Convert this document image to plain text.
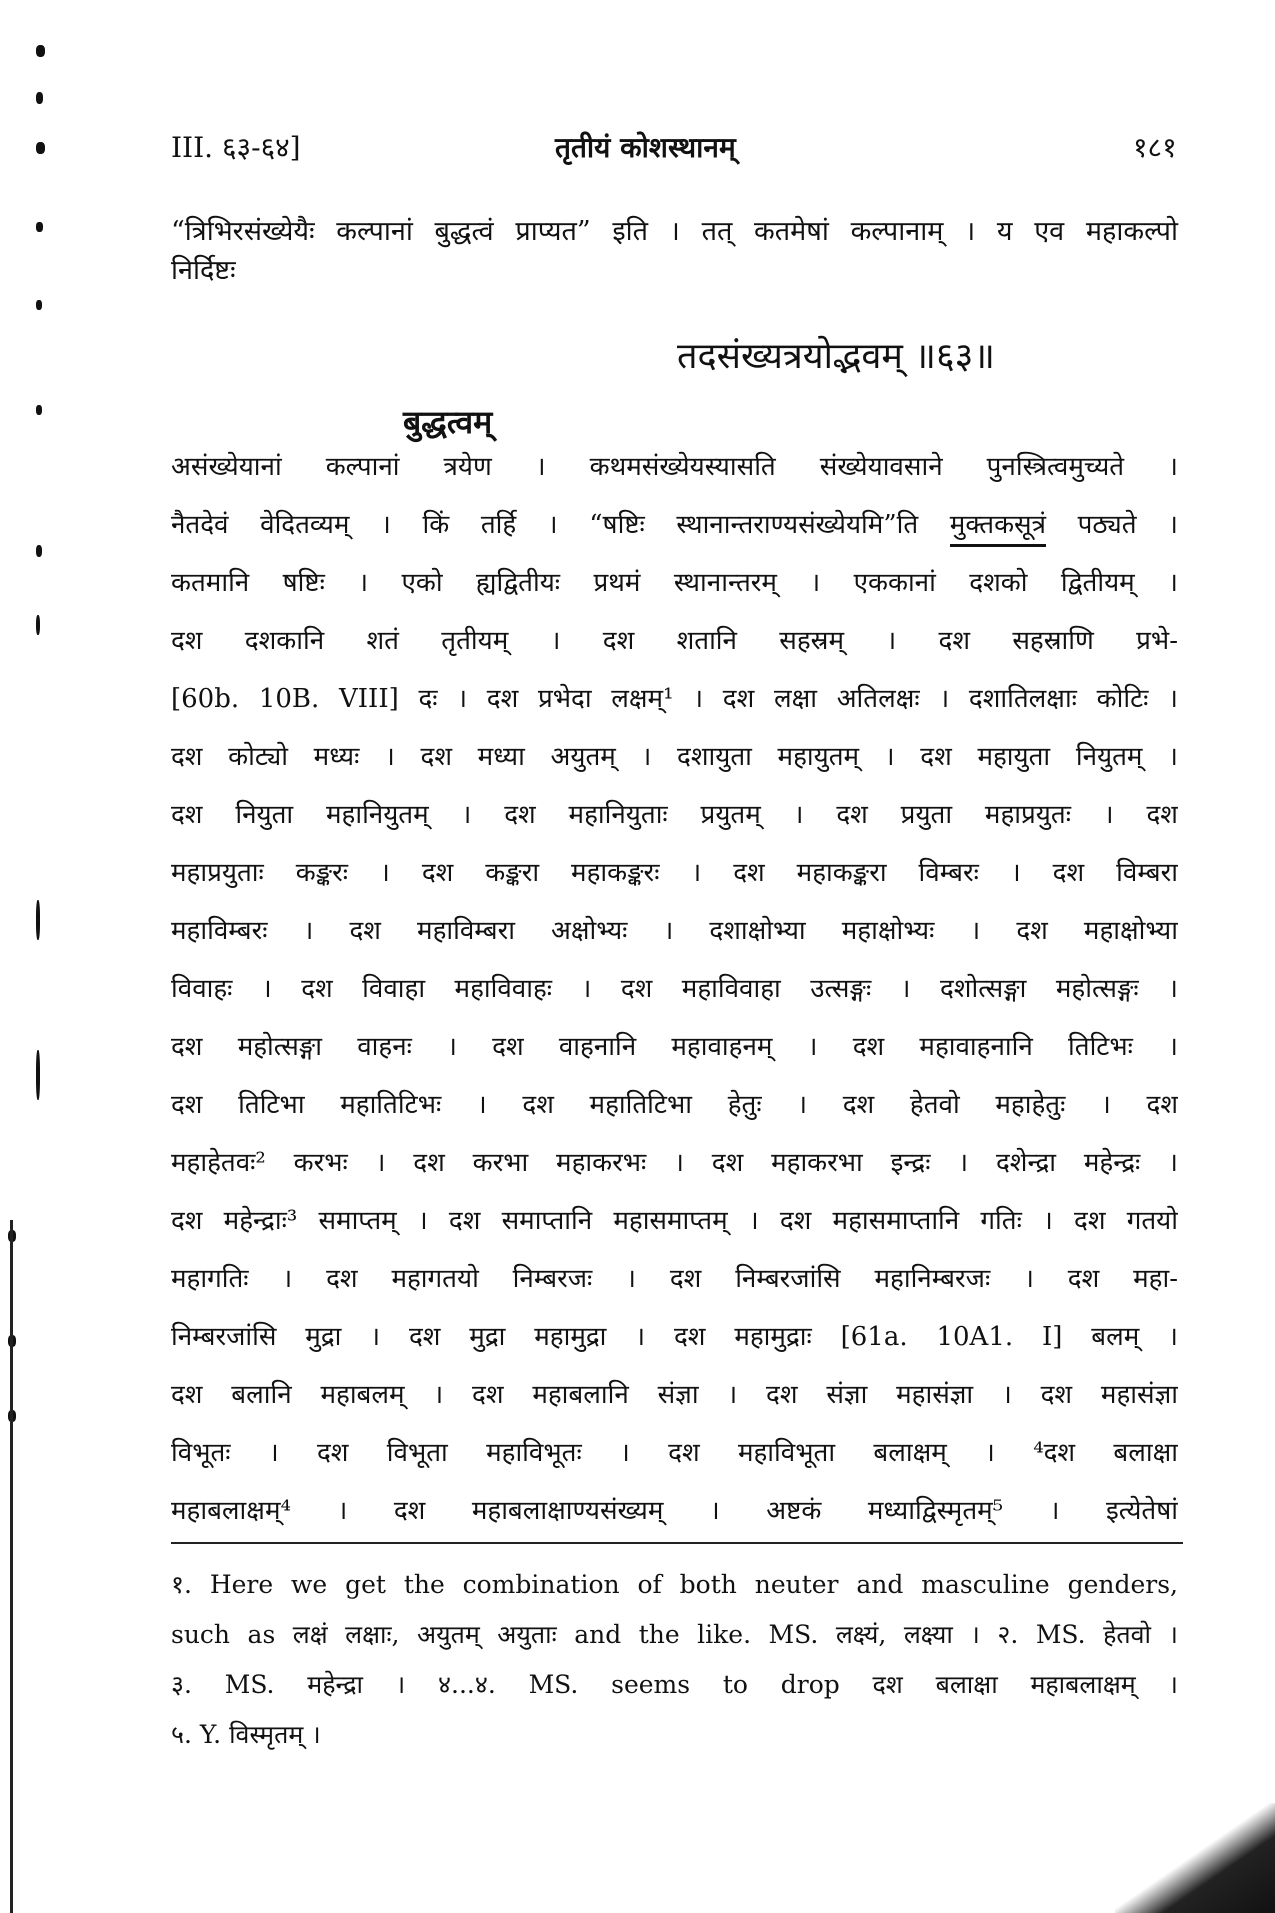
III. ६३-६४]	तृतीयं कोशस्थानम्	१८१
“त्रिभिरसंख्येयैः कल्पानां बुद्धत्वं प्राप्यत” इति । तत् कतमेषां कल्पानाम् । य एव महाकल्पो
निर्दिष्टः
तदसंख्यत्रयोद्भवम् ॥६३॥
बुद्धत्वम्
असंख्येयानां कल्पानां त्रयेण । कथमसंख्येयस्यासति संख्येयावसाने पुनस्त्रित्वमुच्यते ।
नैतदेवं वेदितव्यम् । किं तर्हि । “षष्टिः स्थानान्तराण्यसंख्येयमि”ति मुक्तकसूत्रं पठ्यते ।
कतमानि षष्टिः । एको ह्यद्वितीयः प्रथमं स्थानान्तरम् । एककानां दशको द्वितीयम् ।
दश दशकानि शतं तृतीयम् । दश शतानि सहस्रम् । दश सहस्राणि प्रभे-
[60b. 10B. VIII] दः । दश प्रभेदा लक्षम्¹ । दश लक्षा अतिलक्षः । दशातिलक्षाः कोटिः ।
दश कोट्यो मध्यः । दश मध्या अयुतम् । दशायुता महायुतम् । दश महायुता नियुतम् ।
दश नियुता महानियुतम् । दश महानियुताः प्रयुतम् । दश प्रयुता महाप्रयुतः । दश
महाप्रयुताः कङ्करः । दश कङ्करा महाकङ्करः । दश महाकङ्करा विम्बरः । दश विम्बरा
महाविम्बरः । दश महाविम्बरा अक्षोभ्यः । दशाक्षोभ्या महाक्षोभ्यः । दश महाक्षोभ्या
विवाहः । दश विवाहा महाविवाहः । दश महाविवाहा उत्सङ्गः । दशोत्सङ्गा महोत्सङ्गः ।
दश महोत्सङ्गा वाहनः । दश वाहनानि महावाहनम् । दश महावाहनानि तिटिभः ।
दश तिटिभा महातिटिभः । दश महातिटिभा हेतुः । दश हेतवो महाहेतुः । दश
महाहेतवः² करभः । दश करभा महाकरभः । दश महाकरभा इन्द्रः । दशेन्द्रा महेन्द्रः ।
दश महेन्द्राः³ समाप्तम् । दश समाप्तानि महासमाप्तम् । दश महासमाप्तानि गतिः । दश गतयो
महागतिः । दश महागतयो निम्बरजः । दश निम्बरजांसि महानिम्बरजः । दश महा-
निम्बरजांसि मुद्रा । दश मुद्रा महामुद्रा । दश महामुद्राः [61a. 10A1. I] बलम् ।
दश बलानि महाबलम् । दश महाबलानि संज्ञा । दश संज्ञा महासंज्ञा । दश महासंज्ञा
विभूतः । दश विभूता महाविभूतः । दश महाविभूता बलाक्षम् । ⁴दश बलाक्षा
महाबलाक्षम्⁴ । दश महाबलाक्षाण्यसंख्यम् । अष्टकं मध्याद्विस्मृतम्⁵ । इत्येतेषां
१. Here we get the combination of both neuter and masculine genders,
such as लक्षं लक्षाः, अयुतम् अयुताः and the like. MS. लक्ष्यं, लक्ष्या । २. MS. हेतवो ।
३. MS. महेन्द्रा । ४...४. MS. seems to drop दश बलाक्षा महाबलाक्षम् ।
५. Y. विस्मृतम् ।
